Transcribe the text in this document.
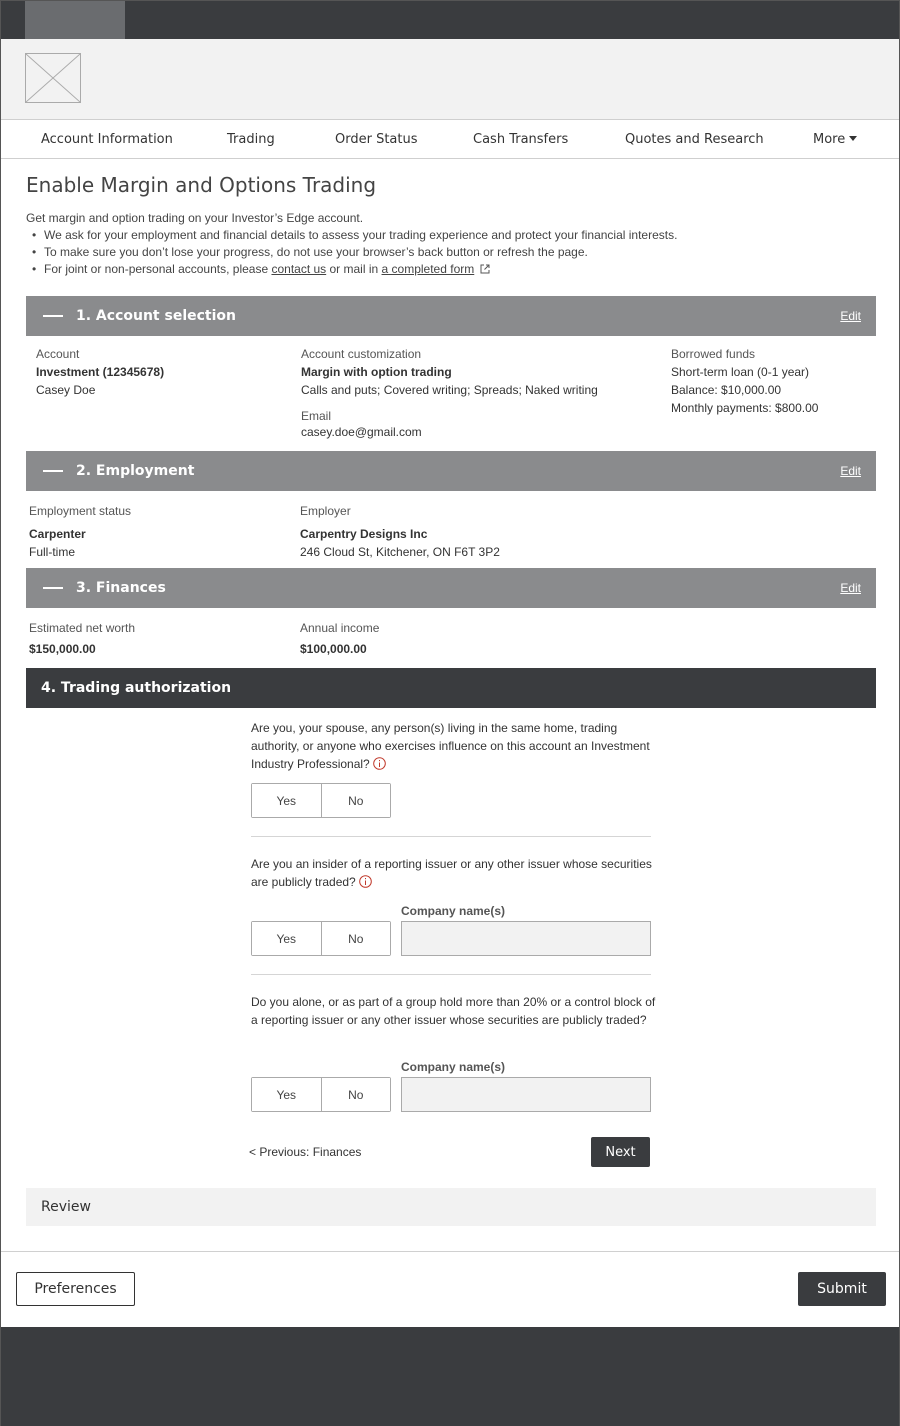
Account Information	Trading	Order Status	Cash Transfers	Quotes and Research	More
Enable Margin and Options Trading
Get margin and option trading on your Investor’s Edge account.
• We ask for your employment and financial details to assess your trading experience and protect your financial interests.
• To make sure you don’t lose your progress, do not use your browser’s back button or refresh the page.
• For joint or non-personal accounts, please contact us or mail in a completed form
1. Account selection	Edit
Account
Investment (12345678)
Casey Doe
Account customization
Margin with option trading
Calls and puts; Covered writing; Spreads; Naked writing
Email
casey.doe@gmail.com
Borrowed funds
Short-term loan (0-1 year)
Balance: $10,000.00
Monthly payments: $800.00
2. Employment	Edit
Employment status
Carpenter
Full-time
Employer
Carpentry Designs Inc
246 Cloud St, Kitchener, ON F6T 3P2
3. Finances	Edit
Estimated net worth
$150,000.00
Annual income
$100,000.00
4. Trading authorization
Are you, your spouse, any person(s) living in the same home, trading authority, or anyone who exercises influence on this account an Investment Industry Professional?
Yes	No
Are you an insider of a reporting issuer or any other issuer whose securities are publicly traded?
Company name(s)
Yes	No
Do you alone, or as part of a group hold more than 20% or a control block of a reporting issuer or any other issuer whose securities are publicly traded?
Company name(s)
Yes	No
< Previous: Finances	Next
Review
Preferences	Submit
